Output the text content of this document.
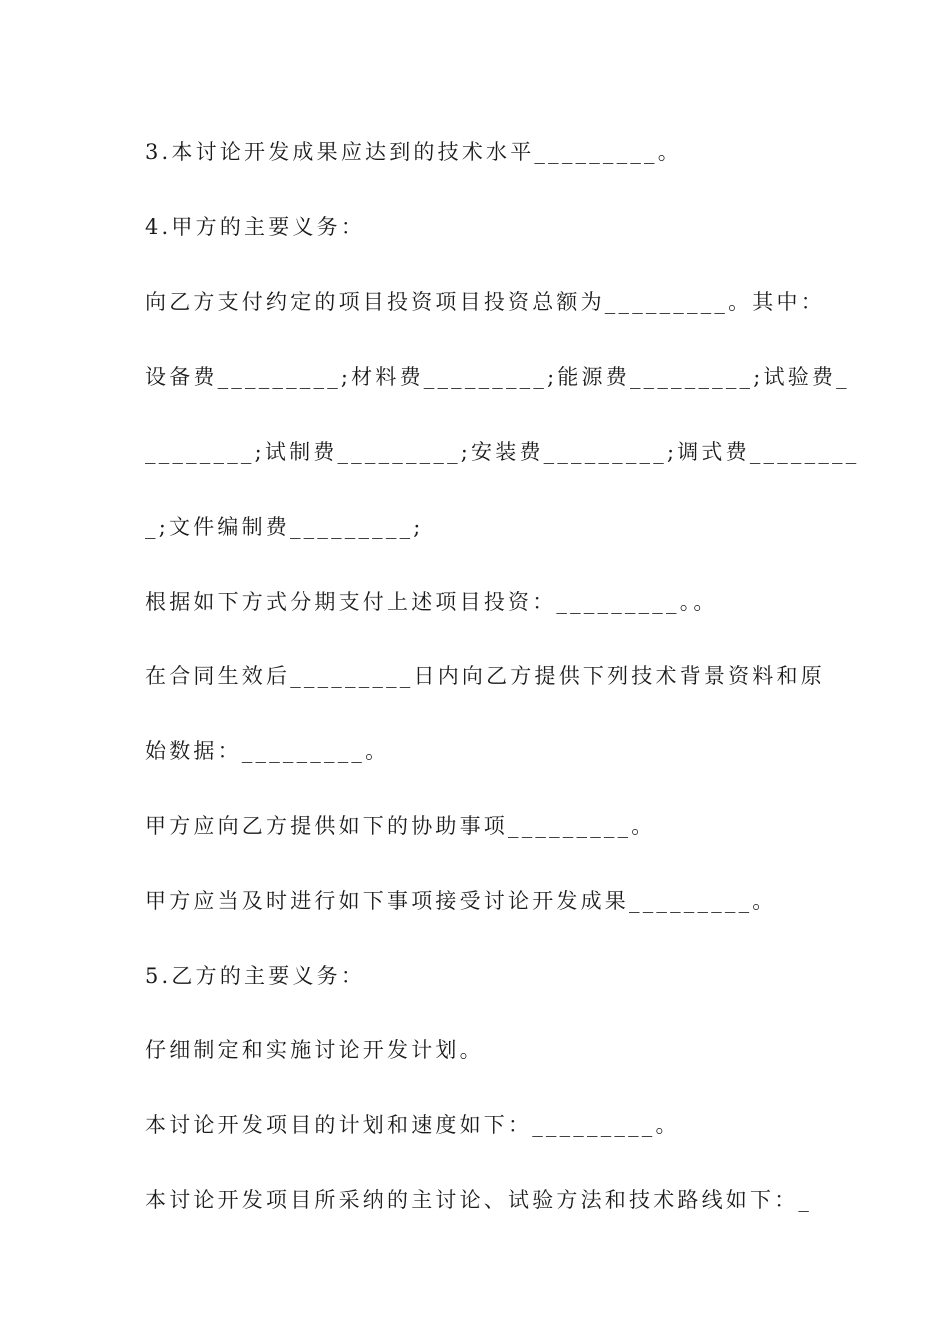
3.本讨论开发成果应达到的技术水平_________。

4.甲方的主要义务：

向乙方支付约定的项目投资项目投资总额为_________。其中：

设备费_________;材料费_________;能源费_________;试验费_

________;试制费_________;安装费_________;调式费________

_;文件编制费_________;

根据如下方式分期支付上述项目投资：_________。。

在合同生效后_________日内向乙方提供下列技术背景资料和原

始数据：_________。

甲方应向乙方提供如下的协助事项_________。

甲方应当及时进行如下事项接受讨论开发成果_________。

5.乙方的主要义务：

仔细制定和实施讨论开发计划。

本讨论开发项目的计划和速度如下：_________。

本讨论开发项目所采纳的主讨论、试验方法和技术路线如下：_
